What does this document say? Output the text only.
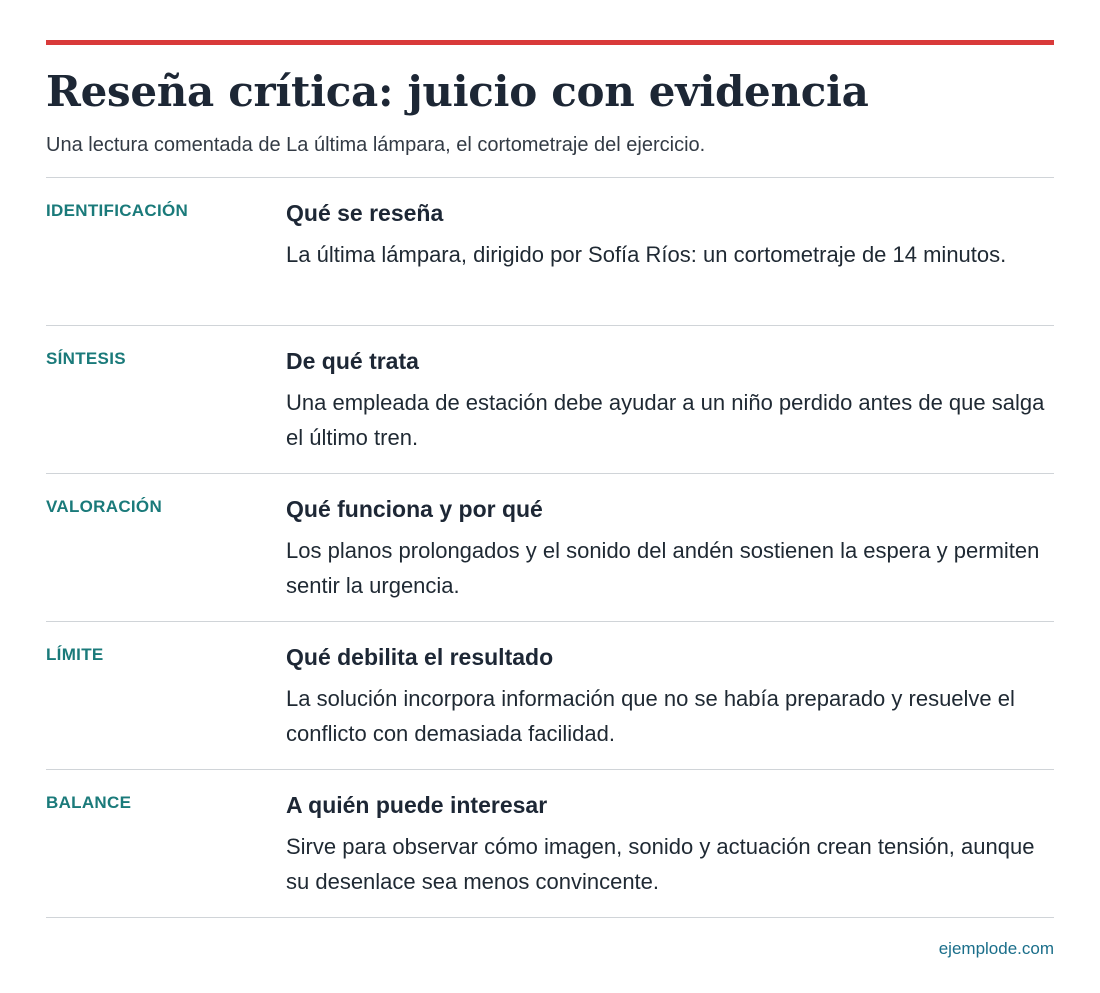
Reseña crítica: juicio con evidencia

Una lectura comentada de La última lámpara, el cortometraje del ejercicio.

IDENTIFICACIÓN	Qué se reseña
La última lámpara, dirigido por Sofía Ríos: un cortometraje de 14 minutos.
SÍNTESIS	De qué trata
Una empleada de estación debe ayudar a un niño perdido antes de que salga el último tren.
VALORACIÓN	Qué funciona y por qué
Los planos prolongados y el sonido del andén sostienen la espera y permiten sentir la urgencia.
LÍMITE	Qué debilita el resultado
La solución incorpora información que no se había preparado y resuelve el conflicto con demasiada facilidad.
BALANCE	A quién puede interesar
Sirve para observar cómo imagen, sonido y actuación crean tensión, aunque su desenlace sea menos convincente.
ejemplode.com
